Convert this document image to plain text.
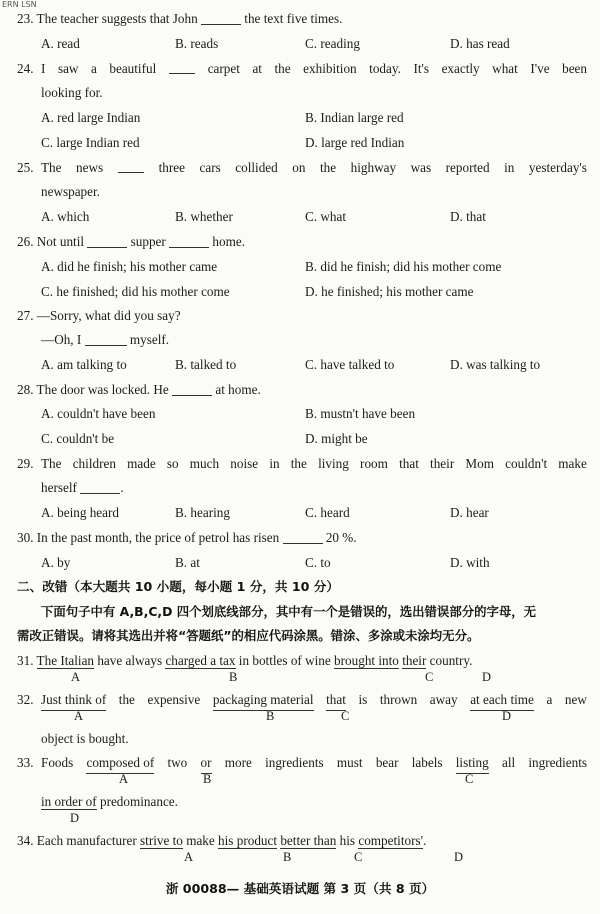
ERN LSN
23. The teacher suggests that John	the text five times.
A. read	B. reads	C. reading	D. has read
24. I saw a beautiful	carpet at the exhibition today. It's exactly what I've been
looking for.
A. red large Indian	B. Indian large red
C. large Indian red	D. large red Indian
25. The news	three cars collided on the highway was reported in yesterday's
newspaper.
A. which	B. whether	C. what	D. that
26. Not until	supper	home.
A. did he finish; his mother came	B. did he finish; did his mother come
C. he finished; did his mother come	D. he finished; his mother came
27. —Sorry, what did you say?
—Oh, I	myself.
A. am talking to	B. talked to	C. have talked to	D. was talking to
28. The door was locked. He	at home.
A. couldn't have been	B. mustn't have been
C. couldn't be	D. might be
29. The children made so much noise in the living room that their Mom couldn't make
herself	.
A. being heard	B. hearing	C. heard	D. hear
30. In the past month, the price of petrol has risen	20 %.
A. by	B. at	C. to	D. with
二、改错（本大题共 10 小题，每小题 1 分，共 10 分）
下面句子中有 A,B,C,D 四个划底线部分，其中有一个是错误的，选出错误部分的字母，无
需改正错误。请将其选出并将“答题纸”的相应代码涂黑。错涂、多涂或未涂均无分。
31. The Italian have always charged a tax in bottles of wine brought into their country.
A	B	C	D
32. Just think of the expensive packaging material that is thrown away at each time a new
A	B	C	D
object is bought.
33. Foods composed of two or more ingredients must bear labels listing all ingredients
A	B	C
in order of predominance.
D
34. Each manufacturer strive to make his product better than his competitors'.
A	B	C	D
浙 00088— 基础英语试题 第 3 页（共 8 页）
